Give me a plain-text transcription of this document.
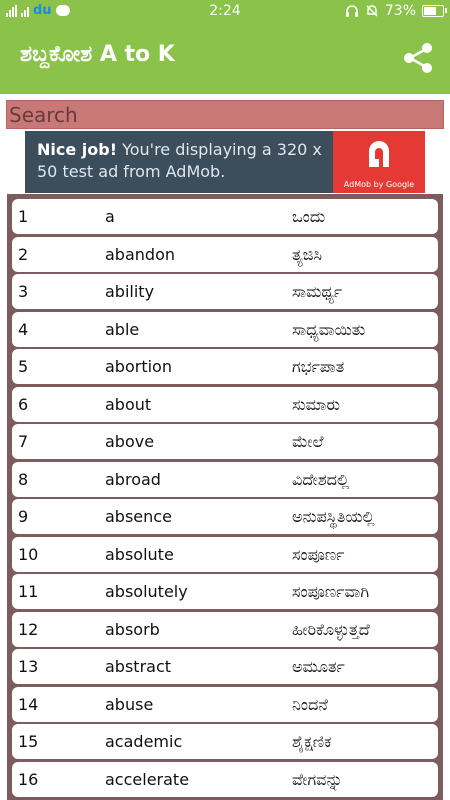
du	2:24	73%
ಶಬ್ದಕೋಶ A to K
Search
Nice job! You're displaying a 320 x 50 test ad from AdMob.
AdMob by Google
1	a	ಒಂದು
2	abandon	ತ್ಯಜಿಸಿ
3	ability	ಸಾಮರ್ಥ್ಯ
4	able	ಸಾಧ್ಯವಾಯಿತು
5	abortion	ಗರ್ಭಪಾತ
6	about	ಸುಮಾರು
7	above	ಮೇಲೆ
8	abroad	ವಿದೇಶದಲ್ಲಿ
9	absence	ಅನುಪಸ್ಥಿತಿಯಲ್ಲಿ
10	absolute	ಸಂಪೂರ್ಣ
11	absolutely	ಸಂಪೂರ್ಣವಾಗಿ
12	absorb	ಹೀರಿಕೊಳ್ಳುತ್ತದೆ
13	abstract	ಅಮೂರ್ತ
14	abuse	ನಿಂದನೆ
15	academic	ಶೈಕ್ಷಣಿಕ
16	accelerate	ವೇಗವನ್ನು
